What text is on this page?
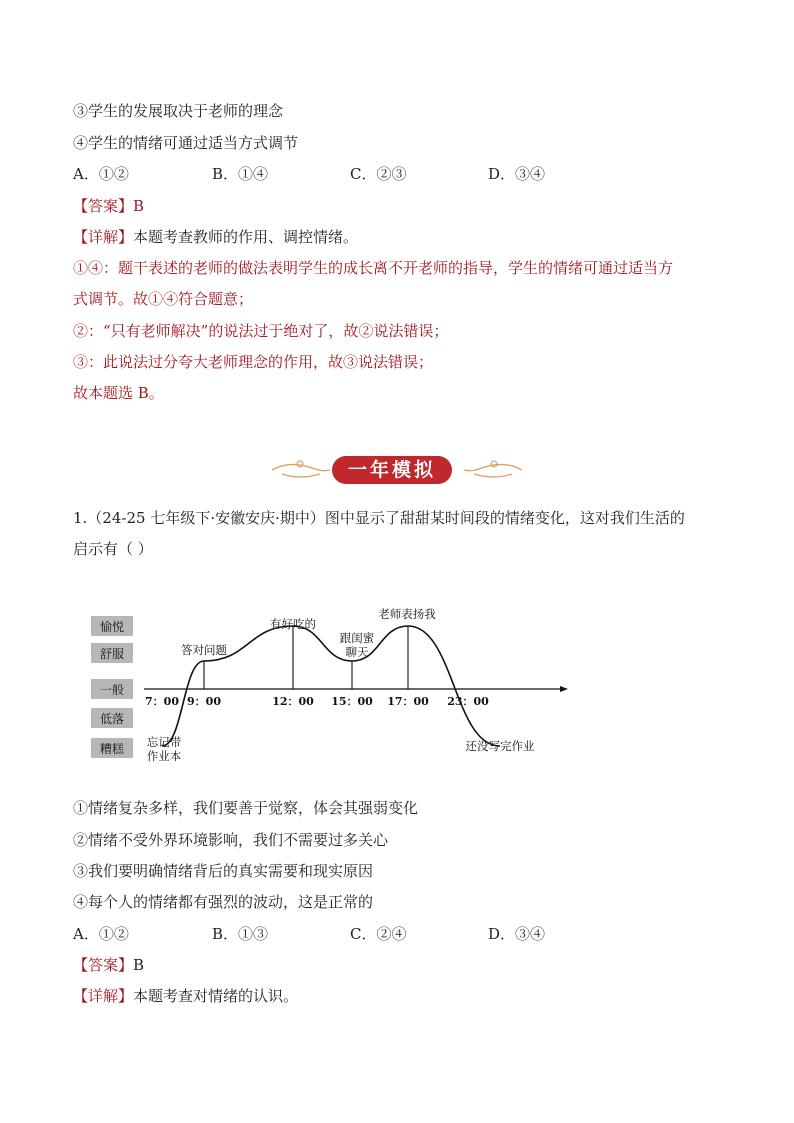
③学生的发展取决于老师的理念
④学生的情绪可通过适当方式调节
A．①②	B．①④	C．②③	D．③④
【答案】B
【详解】本题考查教师的作用、调控情绪。
①④：题干表述的老师的做法表明学生的成长离不开老师的指导，学生的情绪可通过适当方
式调节。故①④符合题意；
②：“只有老师解决”的说法过于绝对了，故②说法错误；
③：此说法过分夸大老师理念的作用，故③说法错误；
故本题选 B。
一年模拟
1.（24-25 七年级下·安徽安庆·期中）图中显示了甜甜某时间段的情绪变化，这对我们生活的
启示有（ ）
愉悦
舒服
一般
低落
糟糕
7：00 9：00	12：00 15：00 17：00 23：00
忘记带作业本
答对问题
有好吃的
跟闺蜜聊天
老师表扬我
还没写完作业
①情绪复杂多样，我们要善于觉察，体会其强弱变化
②情绪不受外界环境影响，我们不需要过多关心
③我们要明确情绪背后的真实需要和现实原因
④每个人的情绪都有强烈的波动，这是正常的
A．①②	B．①③	C．②④	D．③④
【答案】B
【详解】本题考查对情绪的认识。
